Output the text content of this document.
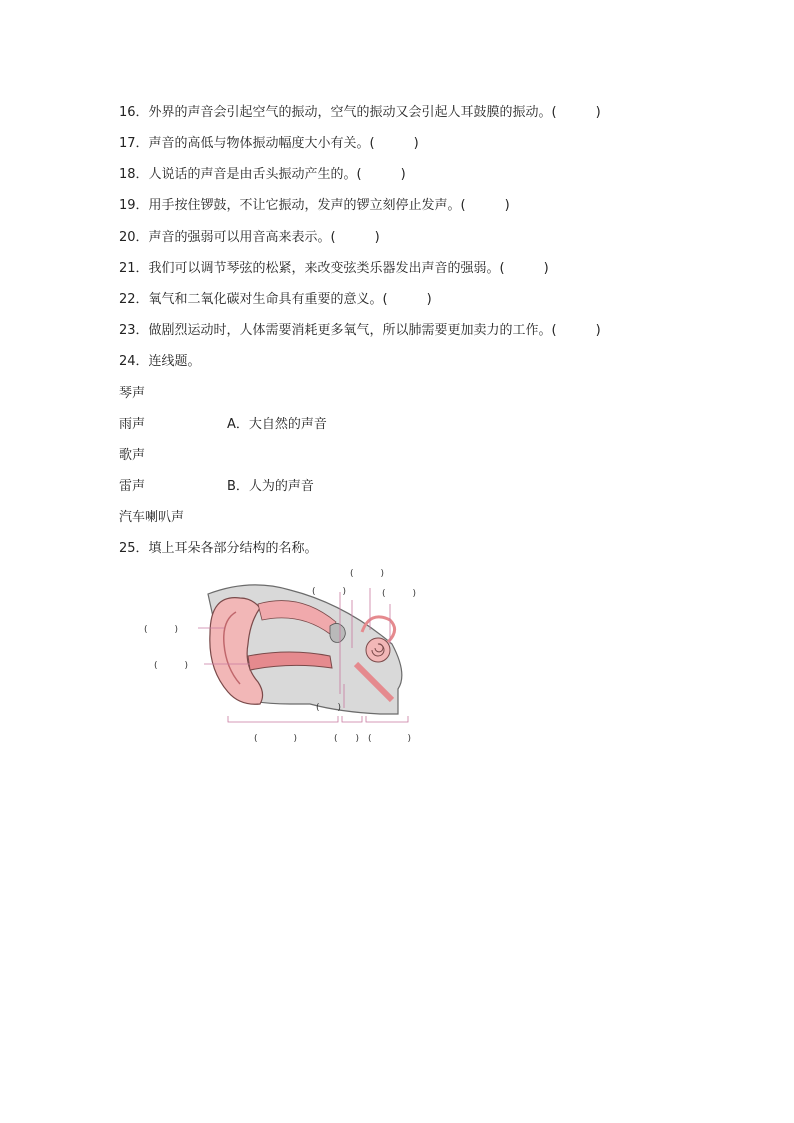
16．外界的声音会引起空气的振动，空气的振动又会引起人耳鼓膜的振动。(　　　)
17．声音的高低与物体振动幅度大小有关。(　　　)
18．人说话的声音是由舌头振动产生的。(　　　)
19．用手按住锣鼓，不让它振动，发声的锣立刻停止发声。(　　　)
20．声音的强弱可以用音高来表示。(　　　)
21．我们可以调节琴弦的松紧，来改变弦类乐器发出声音的强弱。(　　　)
22．氧气和二氧化碳对生命具有重要的意义。(　　　)
23．做剧烈运动时，人体需要消耗更多氧气，所以肺需要更加卖力的工作。(　　　)
24．连线题。
琴声
雨声	A．大自然的声音
歌声
雷声	B．人为的声音
汽车喇叭声
25．填上耳朵各部分结构的名称。
(　　　)
(　　　)	(　　　)
(　　　)
(　　　)
(　　)
(　　　　)	(　　) (　　　　)
